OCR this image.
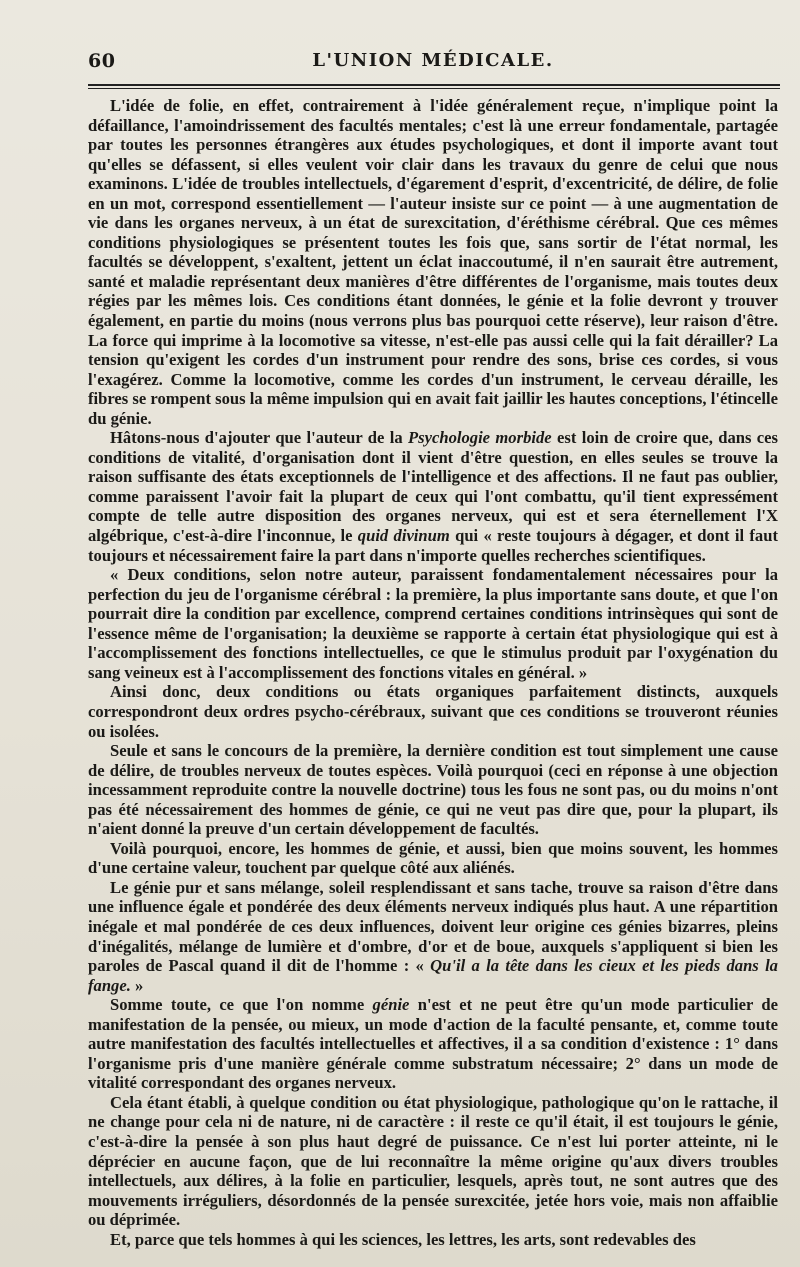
60	L'UNION MÉDICALE.

L'idée de folie, en effet, contrairement à l'idée généralement reçue, n'implique point la défaillance, l'amoindrissement des facultés mentales; c'est là une erreur fondamentale, partagée par toutes les personnes étrangères aux études psychologiques, et dont il importe avant tout qu'elles se défassent, si elles veulent voir clair dans les travaux du genre de celui que nous examinons. L'idée de troubles intellectuels, d'égarement d'esprit, d'excentricité, de délire, de folie en un mot, correspond essentiellement — l'auteur insiste sur ce point — à une augmentation de vie dans les organes nerveux, à un état de surexcitation, d'éréthisme cérébral. Que ces mêmes conditions physiologiques se présentent toutes les fois que, sans sortir de l'état normal, les facultés se développent, s'exaltent, jettent un éclat inaccoutumé, il n'en saurait être autrement, santé et maladie représentant deux manières d'être différentes de l'organisme, mais toutes deux régies par les mêmes lois. Ces conditions étant données, le génie et la folie devront y trouver également, en partie du moins (nous verrons plus bas pourquoi cette réserve), leur raison d'être. La force qui imprime à la locomotive sa vitesse, n'est-elle pas aussi celle qui la fait dérailler? La tension qu'exigent les cordes d'un instrument pour rendre des sons, brise ces cordes, si vous l'exagérez. Comme la locomotive, comme les cordes d'un instrument, le cerveau déraille, les fibres se rompent sous la même impulsion qui en avait fait jaillir les hautes conceptions, l'étincelle du génie.

Hâtons-nous d'ajouter que l'auteur de la Psychologie morbide est loin de croire que, dans ces conditions de vitalité, d'organisation dont il vient d'être question, en elles seules se trouve la raison suffisante des états exceptionnels de l'intelligence et des affections. Il ne faut pas oublier, comme paraissent l'avoir fait la plupart de ceux qui l'ont combattu, qu'il tient expressément compte de telle autre disposition des organes nerveux, qui est et sera éternellement l'X algébrique, c'est-à-dire l'inconnue, le quid divinum qui « reste toujours à dégager, et dont il faut toujours et nécessairement faire la part dans n'importe quelles recherches scientifiques.

« Deux conditions, selon notre auteur, paraissent fondamentalement nécessaires pour la perfection du jeu de l'organisme cérébral : la première, la plus importante sans doute, et que l'on pourrait dire la condition par excellence, comprend certaines conditions intrinsèques qui sont de l'essence même de l'organisation; la deuxième se rapporte à certain état physiologique qui est à l'accomplissement des fonctions intellectuelles, ce que le stimulus produit par l'oxygénation du sang veineux est à l'accomplissement des fonctions vitales en général. »

Ainsi donc, deux conditions ou états organiques parfaitement distincts, auxquels correspondront deux ordres psycho-cérébraux, suivant que ces conditions se trouveront réunies ou isolées.

Seule et sans le concours de la première, la dernière condition est tout simplement une cause de délire, de troubles nerveux de toutes espèces. Voilà pourquoi (ceci en réponse à une objection incessamment reproduite contre la nouvelle doctrine) tous les fous ne sont pas, ou du moins n'ont pas été nécessairement des hommes de génie, ce qui ne veut pas dire que, pour la plupart, ils n'aient donné la preuve d'un certain développement de facultés.

Voilà pourquoi, encore, les hommes de génie, et aussi, bien que moins souvent, les hommes d'une certaine valeur, touchent par quelque côté aux aliénés.

Le génie pur et sans mélange, soleil resplendissant et sans tache, trouve sa raison d'être dans une influence égale et pondérée des deux éléments nerveux indiqués plus haut. A une répartition inégale et mal pondérée de ces deux influences, doivent leur origine ces génies bizarres, pleins d'inégalités, mélange de lumière et d'ombre, d'or et de boue, auxquels s'appliquent si bien les paroles de Pascal quand il dit de l'homme : « Qu'il a la tête dans les cieux et les pieds dans la fange. »

Somme toute, ce que l'on nomme génie n'est et ne peut être qu'un mode particulier de manifestation de la pensée, ou mieux, un mode d'action de la faculté pensante, et, comme toute autre manifestation des facultés intellectuelles et affectives, il a sa condition d'existence : 1° dans l'organisme pris d'une manière générale comme substratum nécessaire; 2° dans un mode de vitalité correspondant des organes nerveux.

Cela étant établi, à quelque condition ou état physiologique, pathologique qu'on le rattache, il ne change pour cela ni de nature, ni de caractère : il reste ce qu'il était, il est toujours le génie, c'est-à-dire la pensée à son plus haut degré de puissance. Ce n'est lui porter atteinte, ni le déprécier en aucune façon, que de lui reconnaître la même origine qu'aux divers troubles intellectuels, aux délires, à la folie en particulier, lesquels, après tout, ne sont autres que des mouvements irréguliers, désordonnés de la pensée surexcitée, jetée hors voie, mais non affaiblie ou déprimée.

Et, parce que tels hommes à qui les sciences, les lettres, les arts, sont redevables des
